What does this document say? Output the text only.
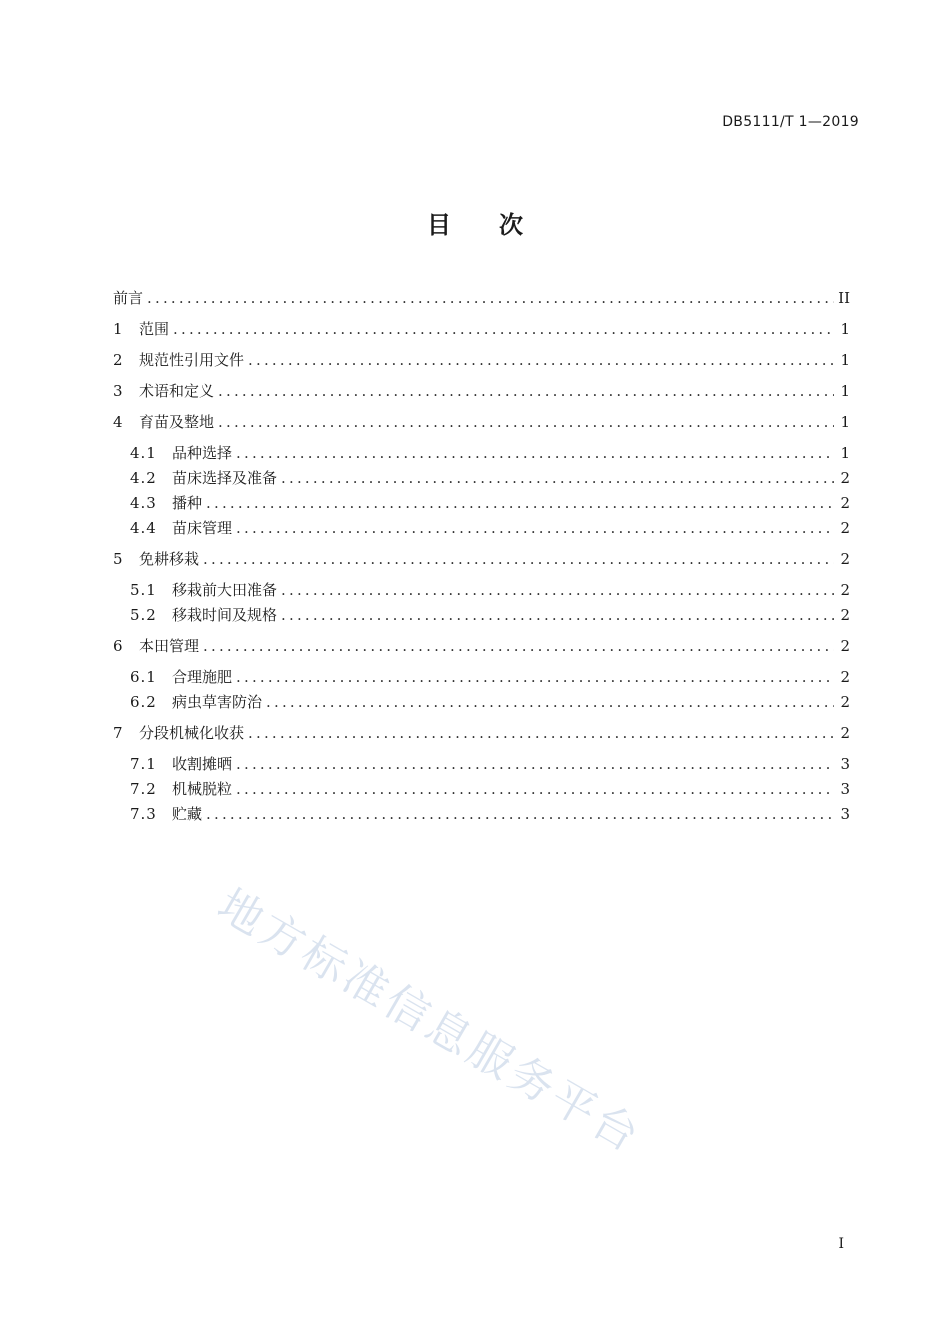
DB5111/T 1—2019
目 次
前言 .....	II
1	范围 .....	1
2	规范性引用文件 .....	1
3	术语和定义 .....	1
4	育苗及整地 .....	1
4.1	品种选择 .....	1
4.2	苗床选择及准备 .....	2
4.3	播种 .....	2
4.4	苗床管理 .....	2
5	免耕移栽 .....	2
5.1	移栽前大田准备 .....	2
5.2	移栽时间及规格 .....	2
6	本田管理 .....	2
6.1	合理施肥 .....	2
6.2	病虫草害防治 .....	2
7	分段机械化收获 .....	2
7.1	收割摊晒 .....	3
7.2	机械脱粒 .....	3
7.3	贮藏 .....	3
地方标准信息服务平台
I
